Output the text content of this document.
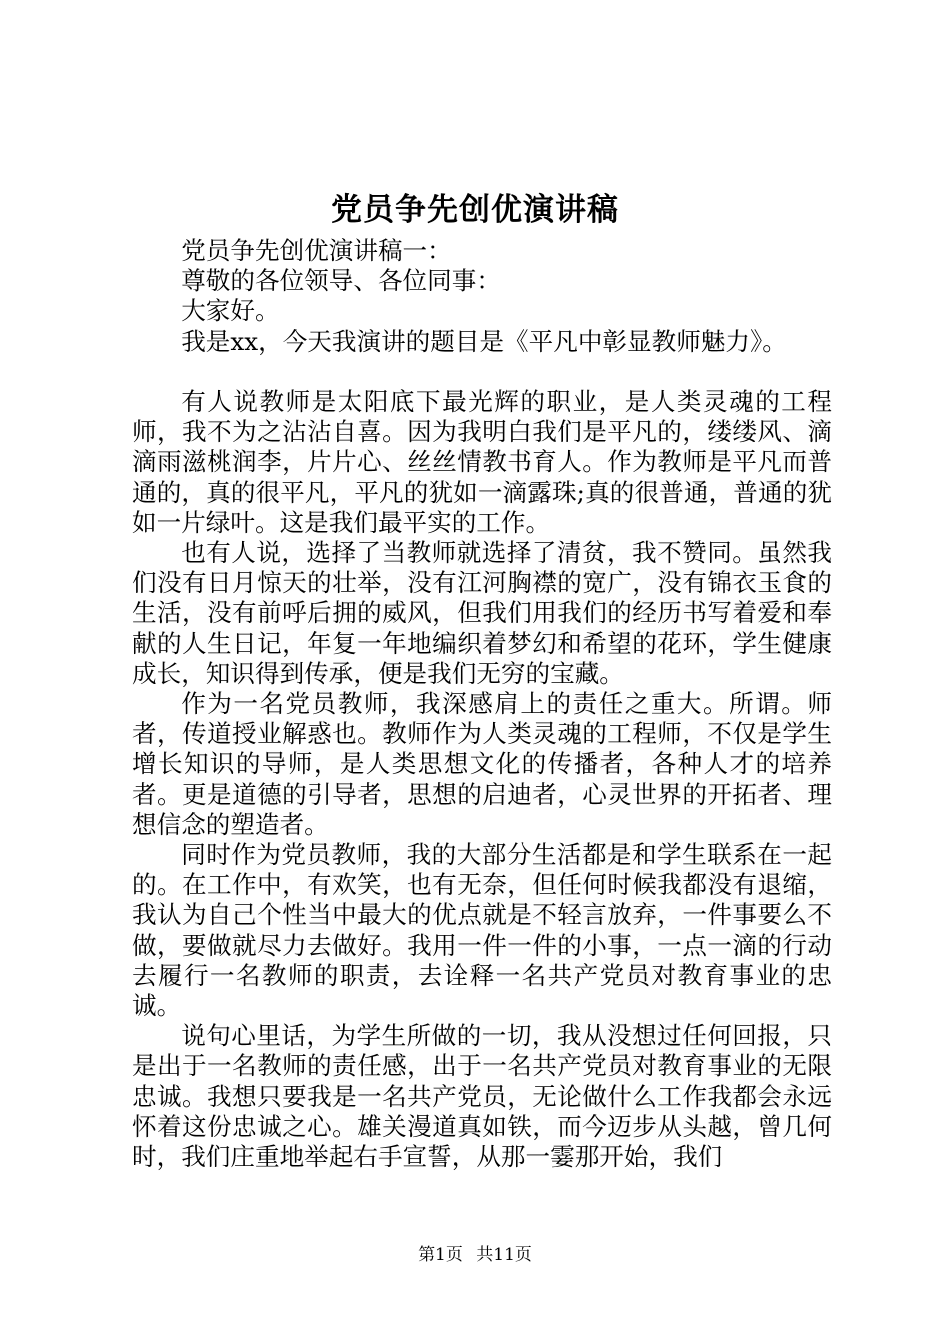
党员争先创优演讲稿

党员争先创优演讲稿一：

尊敬的各位领导、各位同事：

大家好。

我是xx，今天我演讲的题目是《平凡中彰显教师魅力》。

有人说教师是太阳底下最光辉的职业，是人类灵魂的工程师，我不为之沾沾自喜。因为我明白我们是平凡的，缕缕风、滴滴雨滋桃润李，片片心、丝丝情教书育人。作为教师是平凡而普通的，真的很平凡，平凡的犹如一滴露珠;真的很普通，普通的犹如一片绿叶。这是我们最平实的工作。

也有人说，选择了当教师就选择了清贫，我不赞同。虽然我们没有日月惊天的壮举，没有江河胸襟的宽广，没有锦衣玉食的生活，没有前呼后拥的威风，但我们用我们的经历书写着爱和奉献的人生日记，年复一年地编织着梦幻和希望的花环，学生健康成长，知识得到传承，便是我们无穷的宝藏。

作为一名党员教师，我深感肩上的责任之重大。所谓。师者，传道授业解惑也。教师作为人类灵魂的工程师，不仅是学生增长知识的导师，是人类思想文化的传播者，各种人才的培养者。更是道德的引导者，思想的启迪者，心灵世界的开拓者、理想信念的塑造者。

同时作为党员教师，我的大部分生活都是和学生联系在一起的。在工作中，有欢笑，也有无奈，但任何时候我都没有退缩，我认为自己个性当中最大的优点就是不轻言放弃，一件事要么不做，要做就尽力去做好。我用一件一件的小事，一点一滴的行动去履行一名教师的职责，去诠释一名共产党员对教育事业的忠诚。

说句心里话，为学生所做的一切，我从没想过任何回报，只是出于一名教师的责任感，出于一名共产党员对教育事业的无限忠诚。我想只要我是一名共产党员，无论做什么工作我都会永远怀着这份忠诚之心。雄关漫道真如铁，而今迈步从头越，曾几何时，我们庄重地举起右手宣誓，从那一霎那开始，我们

第1页 共11页
